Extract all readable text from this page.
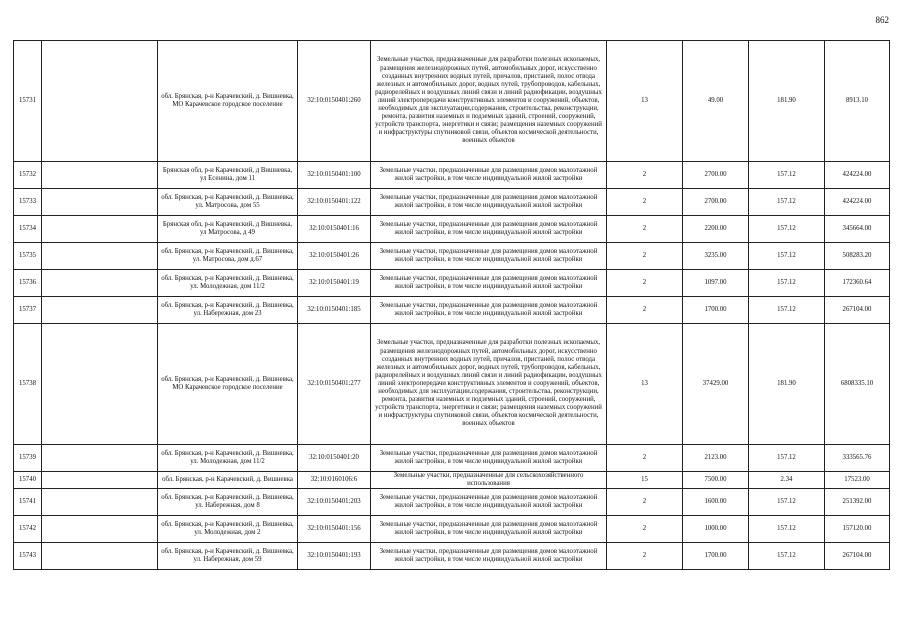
862
15731		обл. Брянская, р-н Карачевский, д. Вишневка, МО Карачевское городское поселение	32:10:0150401:260	Земельные участки, предназначенные для разработки полезных ископаемых, размещения железнодорожных путей, автомобильных дорог, искусственно созданных внутренних водных путей, причалов, пристаней, полос отвода железных и автомобильных дорог, водных путей, трубопроводов, кабельных, радиорелейных и воздушных линий связи и линий радиофикации, воздушных линий электропередачи конструктивных элементов и сооружений, объектов, необходимых для эксплуатации,содержания, строительства, реконструкции, ремонта, развития наземных и подземных зданий, строений, сооружений, устройств транспорта, энергетики и связи; размещения наземных сооружений и инфраструктуры спутниковой связи, объектов космической деятельности, военных объектов	13	49.00	181.90	8913.10
15732		Брянская обл, р-н Карачевский, д Вишневка, ул Есенина, дом 11	32:10:0150401:100	Земельные участки, предназначенные для размещения домов малоэтажной жилой застройки, в том числе индивидуальной жилой застройки	2	2700.00	157.12	424224.00
15733		обл. Брянская, р-н Карачевский, д. Вишневка, ул. Матросова, дом 55	32:10:0150401:122	Земельные участки, предназначенные для размещения домов малоэтажной жилой застройки, в том числе индивидуальной жилой застройки	2	2700.00	157.12	424224.00
15734		Брянская обл, р-н Карачевский, д Вишневка, ул Матросова, д 49	32:10:0150401:16	Земельные участки, предназначенные для размещения домов малоэтажной жилой застройки, в том числе индивидуальной жилой застройки	2	2200.00	157.12	345664.00
15735		обл. Брянская, р-н Карачевский, д. Вишневка, ул. Матросова, дом д.67	32:10:0150401:26	Земельные участки, предназначенные для размещения домов малоэтажной жилой застройки, в том числе индивидуальной жилой застройки	2	3235.00	157.12	508283.20
15736		обл. Брянская, р-н Карачевский, д. Вишневка, ул. Молодежная, дом 11/2	32:10:0150401:19	Земельные участки, предназначенные для размещения домов малоэтажной жилой застройки, в том числе индивидуальной жилой застройки	2	1097.00	157.12	172360.64
15737		обл. Брянская, р-н Карачевский, д. Вишневка, ул. Набережная, дом 23	32:10:0150401:185	Земельные участки, предназначенные для размещения домов малоэтажной жилой застройки, в том числе индивидуальной жилой застройки	2	1700.00	157.12	267104.00
15738		обл. Брянская, р-н Карачевский, д. Вишневка, МО Карачевское городское поселение	32:10:0150401:277	Земельные участки, предназначенные для разработки полезных ископаемых, размещения железнодорожных путей, автомобильных дорог, искусственно созданных внутренних водных путей, причалов, пристаней, полос отвода железных и автомобильных дорог, водных путей, трубопроводов, кабельных, радиорелейных и воздушных линий связи и линий радиофикации, воздушных линий электропередачи конструктивных элементов и сооружений, объектов, необходимых для эксплуатации,содержания, строительства, реконструкции, ремонта, развития наземных и подземных зданий, строений, сооружений, устройств транспорта, энергетики и связи; размещения наземных сооружений и инфраструктуры спутниковой связи, объектов космической деятельности, военных объектов	13	37429.00	181.90	6808335.10
15739		обл. Брянская, р-н Карачевский, д. Вишневка, ул. Молодежная, дом 11/2	32:10:0150401:20	Земельные участки, предназначенные для размещения домов малоэтажной жилой застройки, в том числе индивидуальной жилой застройки	2	2123.00	157.12	333565.76
15740		обл. Брянская, р-н Карачевский, д. Вишневка	32:10:0160106:6	Земельные участки, предназначенные для сельскохозяйственного использования	15	7500.00	2.34	17523.00
15741		обл. Брянская, р-н Карачевский, д. Вишневка, ул. Набережная, дом 8	32:10:0150401:203	Земельные участки, предназначенные для размещения домов малоэтажной жилой застройки, в том числе индивидуальной жилой застройки	2	1600.00	157.12	251392.00
15742		обл. Брянская, р-н Карачевский, д. Вишневка, ул. Молодежная, дом 2	32:10:0150401:156	Земельные участки, предназначенные для размещения домов малоэтажной жилой застройки, в том числе индивидуальной жилой застройки	2	1000.00	157.12	157120.00
15743		обл. Брянская, р-н Карачевский, д. Вишневка, ул. Набережная, дом 59	32:10:0150401:193	Земельные участки, предназначенные для размещения домов малоэтажной жилой застройки, в том числе индивидуальной жилой застройки	2	1700.00	157.12	267104.00
